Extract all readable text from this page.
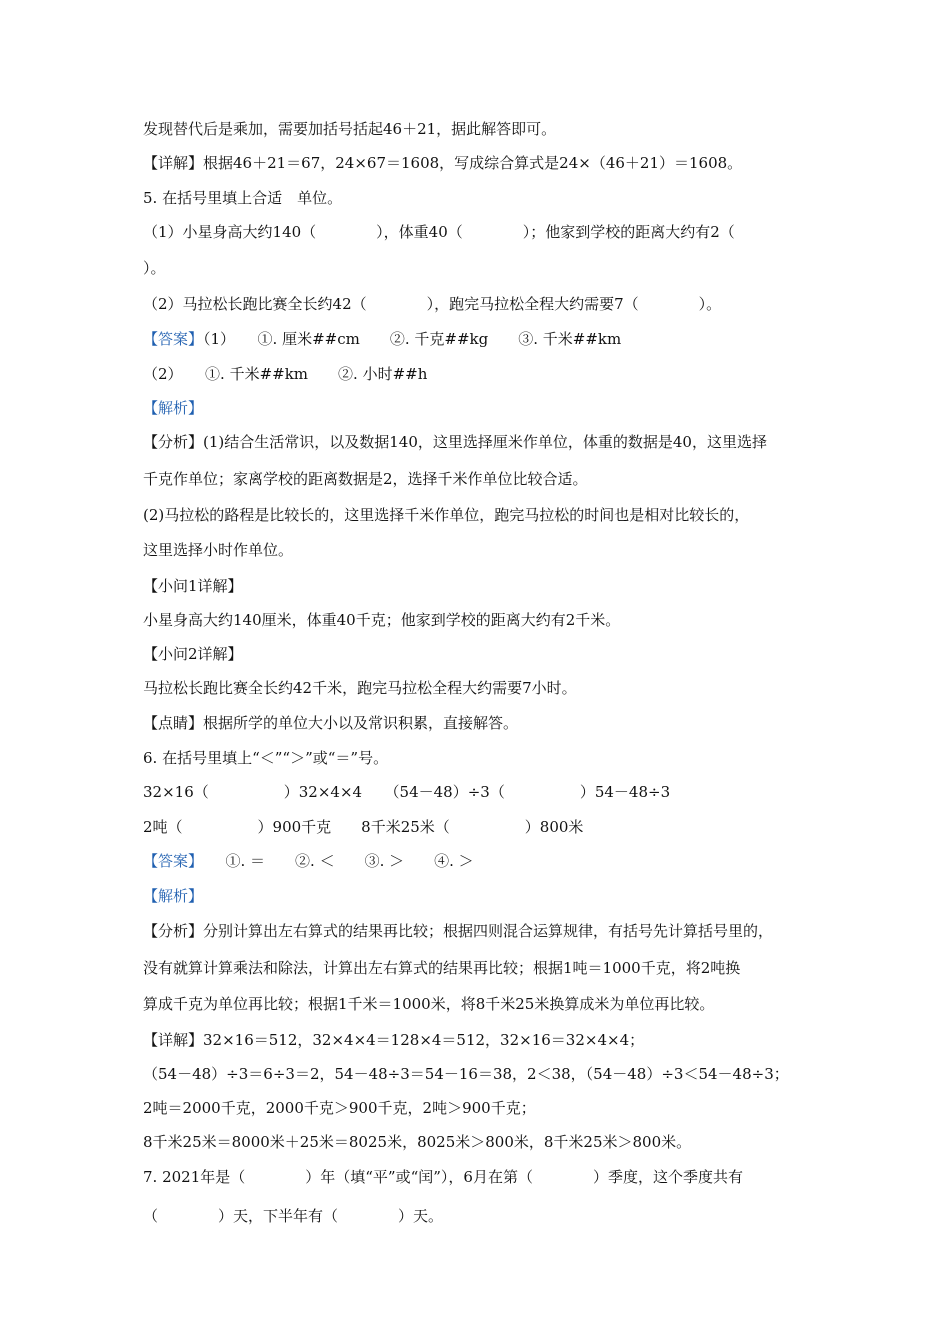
发现替代后是乘加，需要加括号括起46＋21，据此解答即可。
【详解】根据46＋21＝67，24×67＝1608，写成综合算式是24×（46＋21）＝1608。
5. 在括号里填上合适　单位。
（1）小星身高大约140（　　　　），体重40（　　　　）；他家到学校的距离大约有2（
）。
（2）马拉松长跑比赛全长约42（　　　　），跑完马拉松全程大约需要7（　　　　）。
【答案】（1）　　①. 厘米##cm　　②. 千克##kg　　③. 千米##km
（2）　　①. 千米##km　　②. 小时##h
【解析】
【分析】(1)结合生活常识，以及数据140，这里选择厘米作单位，体重的数据是40，这里选择
千克作单位；家离学校的距离数据是2，选择千米作单位比较合适。
(2)马拉松的路程是比较长的，这里选择千米作单位，跑完马拉松的时间也是相对比较长的，
这里选择小时作单位。
【小问1详解】
小星身高大约140厘米，体重40千克；他家到学校的距离大约有2千米。
【小问2详解】
马拉松长跑比赛全长约42千米，跑完马拉松全程大约需要7小时。
【点睛】根据所学的单位大小以及常识积累，直接解答。
6. 在括号里填上“＜”“＞”或“＝”号。
32×16（　　　　　）32×4×4　　（54－48）÷3（　　　　　）54－48÷3
2吨（　　　　　）900千克　　8千米25米（　　　　　）800米
【答案】　　①. ＝　　②. ＜　　③. ＞　　④. ＞
【解析】
【分析】分别计算出左右算式的结果再比较；根据四则混合运算规律，有括号先计算括号里的，
没有就算计算乘法和除法，计算出左右算式的结果再比较；根据1吨＝1000千克，将2吨换
算成千克为单位再比较；根据1千米＝1000米，将8千米25米换算成米为单位再比较。
【详解】32×16＝512，32×4×4＝128×4＝512，32×16＝32×4×4；
（54－48）÷3＝6÷3＝2，54－48÷3＝54－16＝38，2＜38，（54－48）÷3＜54－48÷3；
2吨＝2000千克，2000千克＞900千克，2吨＞900千克；
8千米25米＝8000米＋25米＝8025米，8025米＞800米，8千米25米＞800米。
7. 2021年是（　　　　）年（填“平”或“闰”），6月在第（　　　　）季度，这个季度共有
（　　　　）天，下半年有（　　　　）天。
